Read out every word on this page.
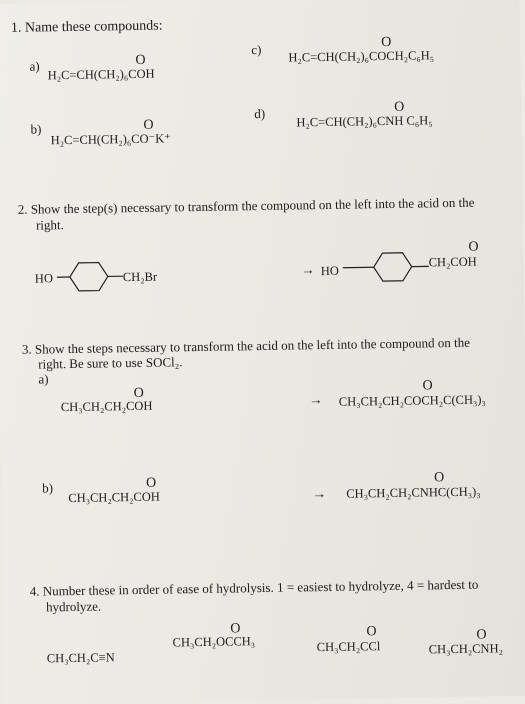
1. Name these compounds:
a)	O
H₂C=CH(CH₂)₆COH
c)	O
H₂C=CH(CH₂)₆COCH₂C₆H₅
b)	O
H₂C=CH(CH₂)₆CO⁻K⁺
d)	O
H₂C=CH(CH₂)₆CNH C₆H₅
2. Show the step(s) necessary to transform the compound on the left into the acid on the
right.
HO	CH₂Br	→ HO
O
CH₂COH
3. Show the steps necessary to transform the acid on the left into the compound on the
right. Be sure to use SOCl₂.
a)
O
CH₃CH₂CH₂COH	→
O
CH₃CH₂CH₂COCH₂C(CH₃)₃
b)	O
CH₃CH₂CH₂COH	→
O
CH₃CH₂CH₂CNHC(CH₃)₃
4. Number these in order of ease of hydrolysis. 1 = easiest to hydrolyze, 4 = hardest to
hydrolyze.
CH₃CH₂C≡N
O
CH₃CH₂OCCH₃
O
CH₃CH₂CCl
O
CH₃CH₂CNH₂
